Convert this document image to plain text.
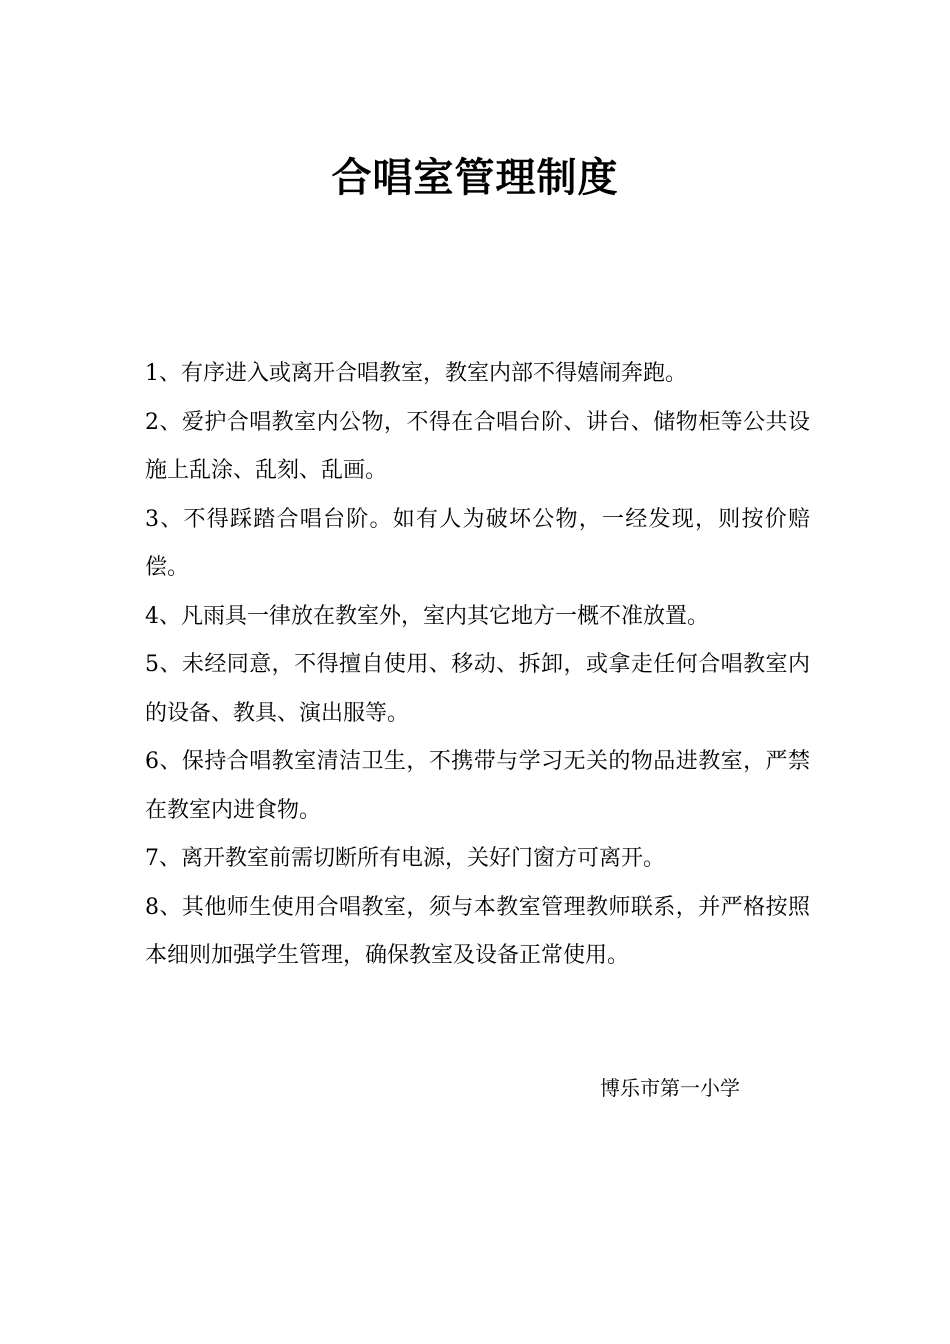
合唱室管理制度
1、有序进入或离开合唱教室，教室内部不得嬉闹奔跑。
2、爱护合唱教室内公物，不得在合唱台阶、讲台、储物柜等公共设施上乱涂、乱刻、乱画。
3、不得踩踏合唱台阶。如有人为破坏公物，一经发现，则按价赔偿。
4、凡雨具一律放在教室外，室内其它地方一概不准放置。
5、未经同意，不得擅自使用、移动、拆卸，或拿走任何合唱教室内的设备、教具、演出服等。
6、保持合唱教室清洁卫生，不携带与学习无关的物品进教室，严禁在教室内进食物。
7、离开教室前需切断所有电源，关好门窗方可离开。
8、其他师生使用合唱教室，须与本教室管理教师联系，并严格按照本细则加强学生管理，确保教室及设备正常使用。
博乐市第一小学
